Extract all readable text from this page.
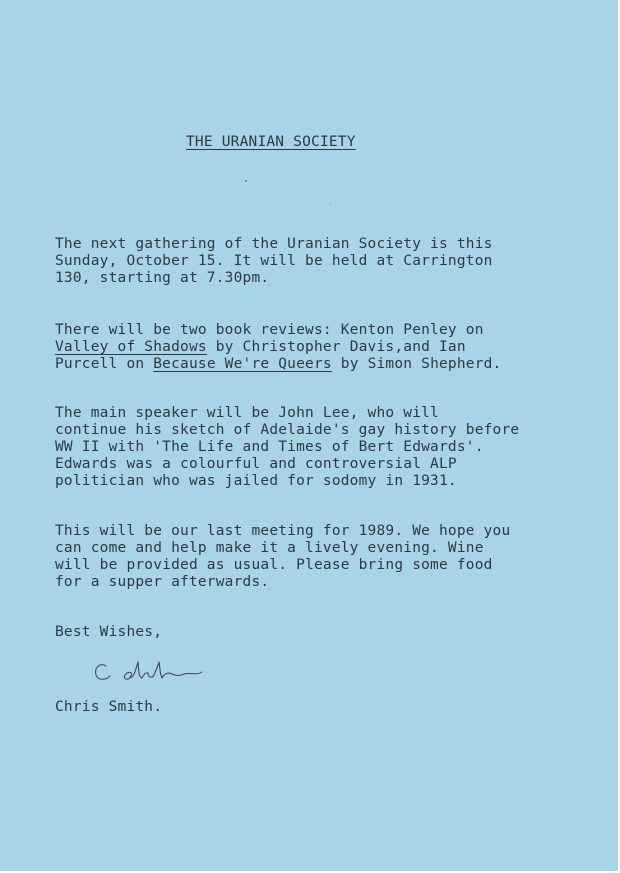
THE URANIAN SOCIETY
The next gathering of the Uranian Society is this
Sunday, October 15. It will be held at Carrington
130, starting at 7.30pm.
There will be two book reviews: Kenton Penley on
Valley of Shadows by Christopher Davis,and Ian
Purcell on Because We're Queers by Simon Shepherd.
The main speaker will be John Lee, who will
continue his sketch of Adelaide's gay history before
WW II with 'The Life and Times of Bert Edwards'.
Edwards was a colourful and controversial ALP
politician who was jailed for sodomy in 1931.
This will be our last meeting for 1989. We hope you
can come and help make it a lively evening. Wine
will be provided as usual. Please bring some food
for a supper afterwards.
Best Wishes,
Chris Smith.
